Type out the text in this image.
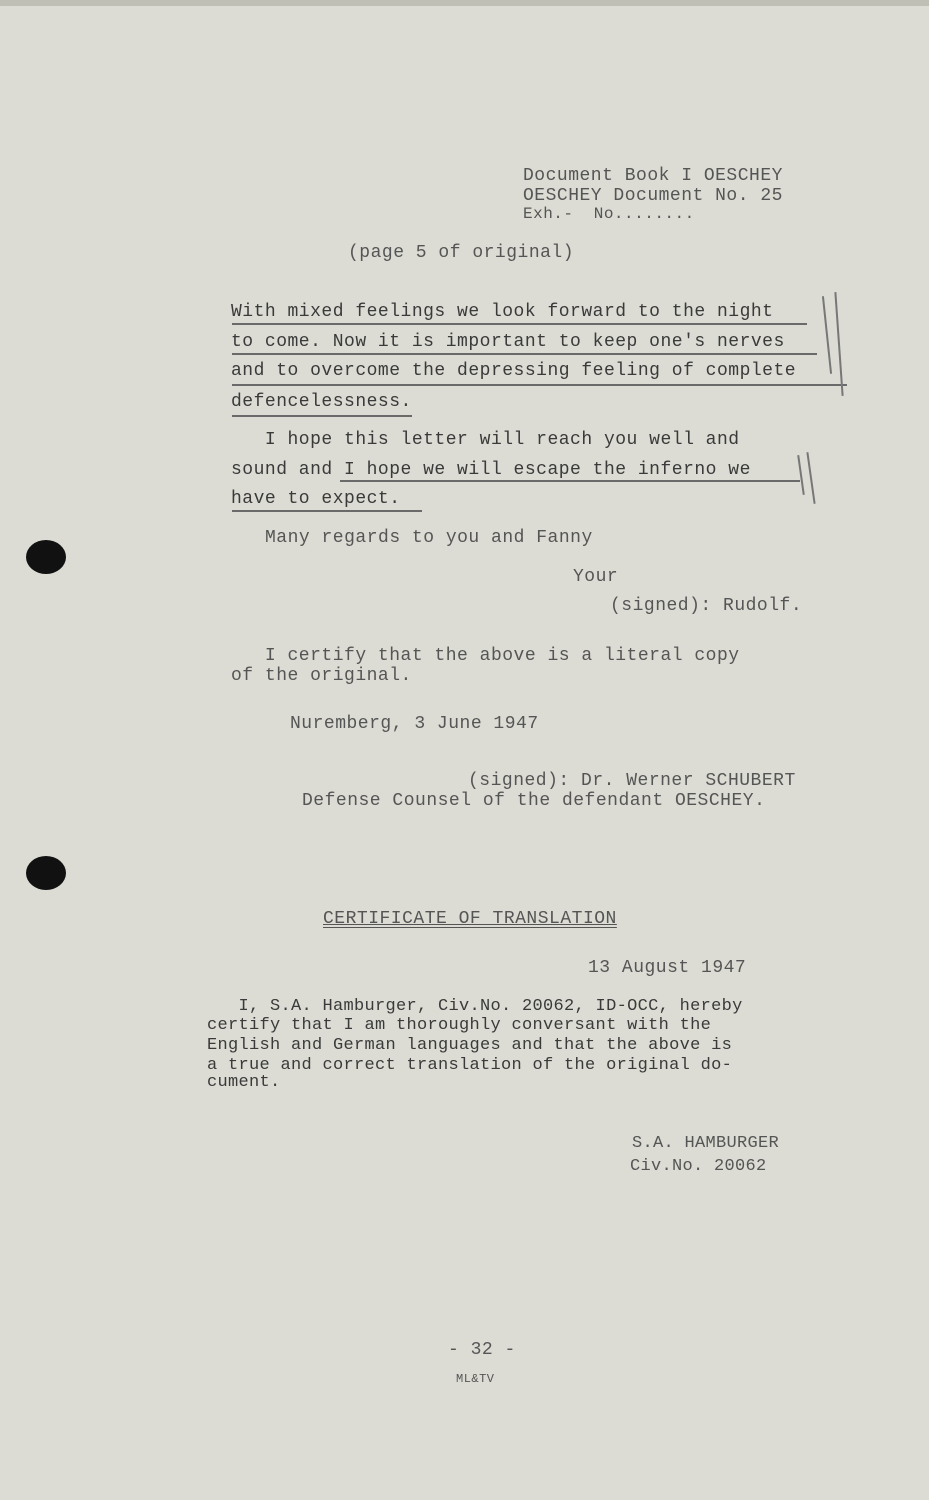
Document Book I OESCHEY
OESCHEY Document No. 25
Exh.-  No........
(page 5 of original)
With mixed feelings we look forward to the night
to come. Now it is important to keep one's nerves
and to overcome the depressing feeling of complete
defencelessness.
I hope this letter will reach you well and
sound and I hope we will escape the inferno we
have to expect.
Many regards to you and Fanny
Your
(signed): Rudolf.
I certify that the above is a literal copy
of the original.
Nuremberg, 3 June 1947
(signed): Dr. Werner SCHUBERT
Defense Counsel of the defendant OESCHEY.
CERTIFICATE OF TRANSLATION
13 August 1947
I, S.A. Hamburger, Civ.No. 20062, ID-OCC, hereby
certify that I am thoroughly conversant with the
English and German languages and that the above is
a true and correct translation of the original do-
cument.
S.A. HAMBURGER
Civ.No. 20062
- 32 -
ML&TV
